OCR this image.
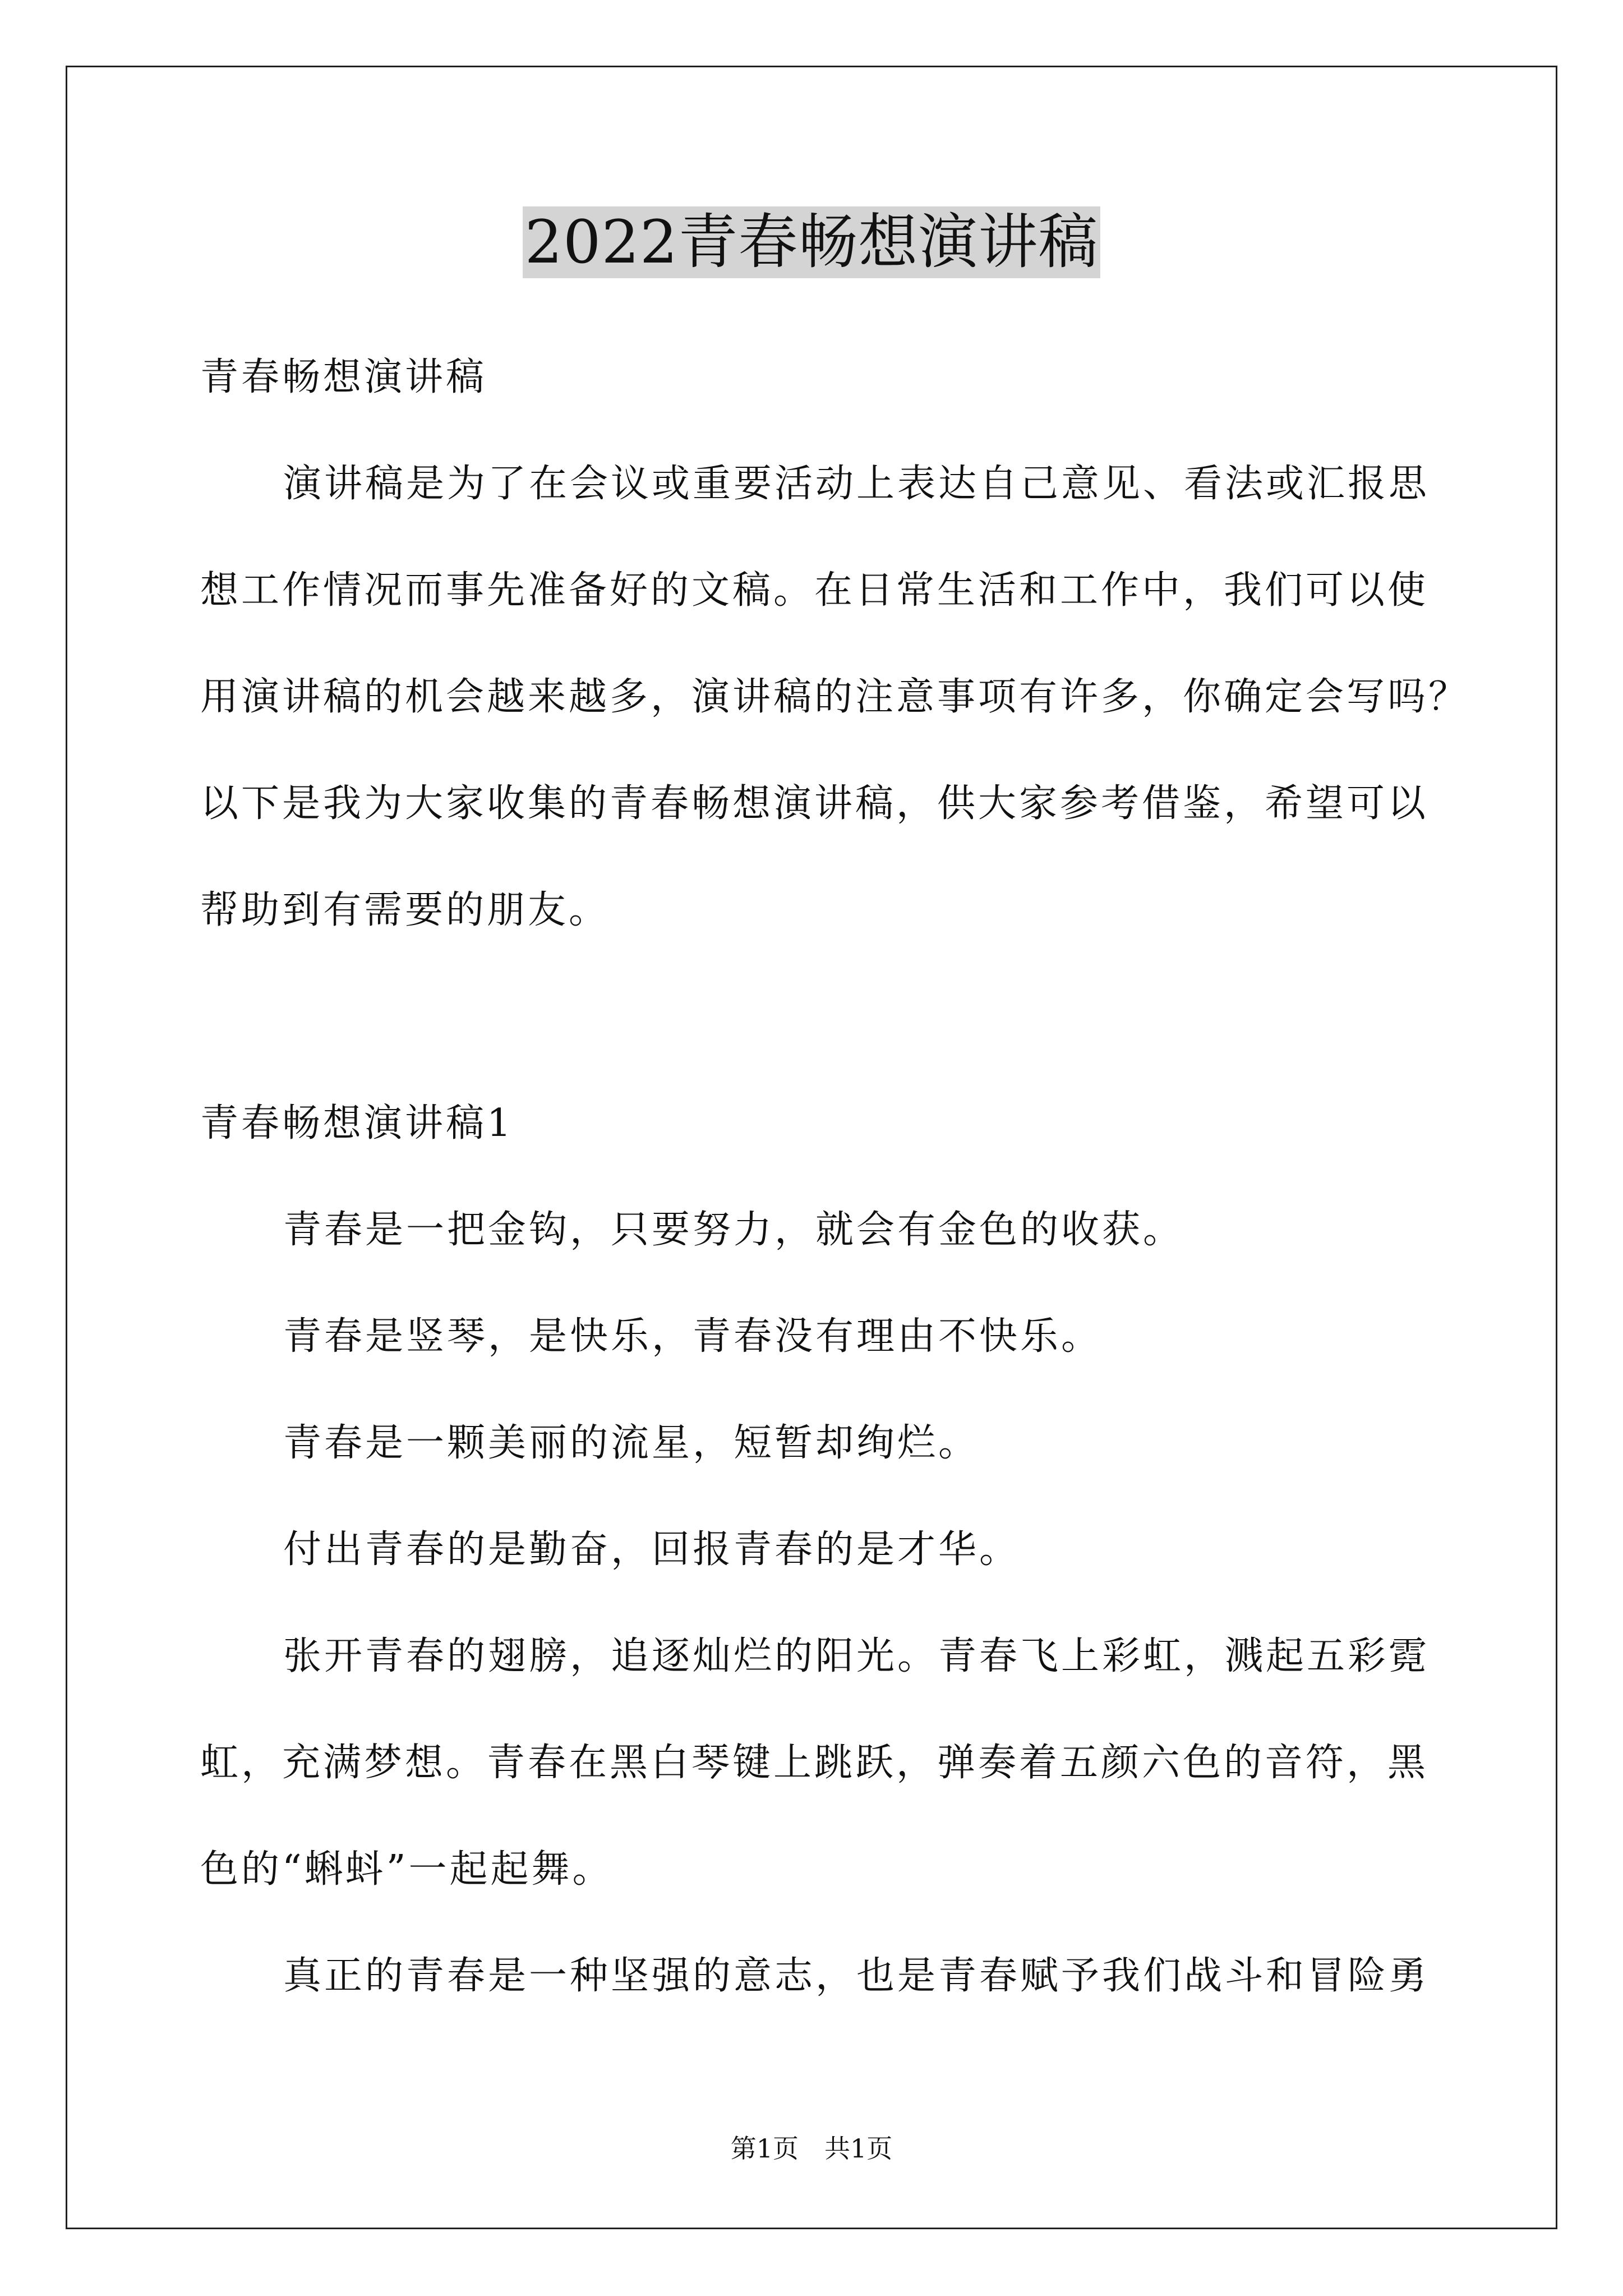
2022青春畅想演讲稿
青春畅想演讲稿
演讲稿是为了在会议或重要活动上表达自己意见、看法或汇报思
想工作情况而事先准备好的文稿。在日常生活和工作中，我们可以使
用演讲稿的机会越来越多，演讲稿的注意事项有许多，你确定会写吗？
以下是我为大家收集的青春畅想演讲稿，供大家参考借鉴，希望可以
帮助到有需要的朋友。
青春畅想演讲稿1
青春是一把金钩，只要努力，就会有金色的收获。
青春是竖琴，是快乐，青春没有理由不快乐。
青春是一颗美丽的流星，短暂却绚烂。
付出青春的是勤奋，回报青春的是才华。
张开青春的翅膀，追逐灿烂的阳光。青春飞上彩虹，溅起五彩霓
虹，充满梦想。青春在黑白琴键上跳跃，弹奏着五颜六色的音符，黑
色的“蝌蚪”一起起舞。
真正的青春是一种坚强的意志，也是青春赋予我们战斗和冒险勇
第1页　共1页
